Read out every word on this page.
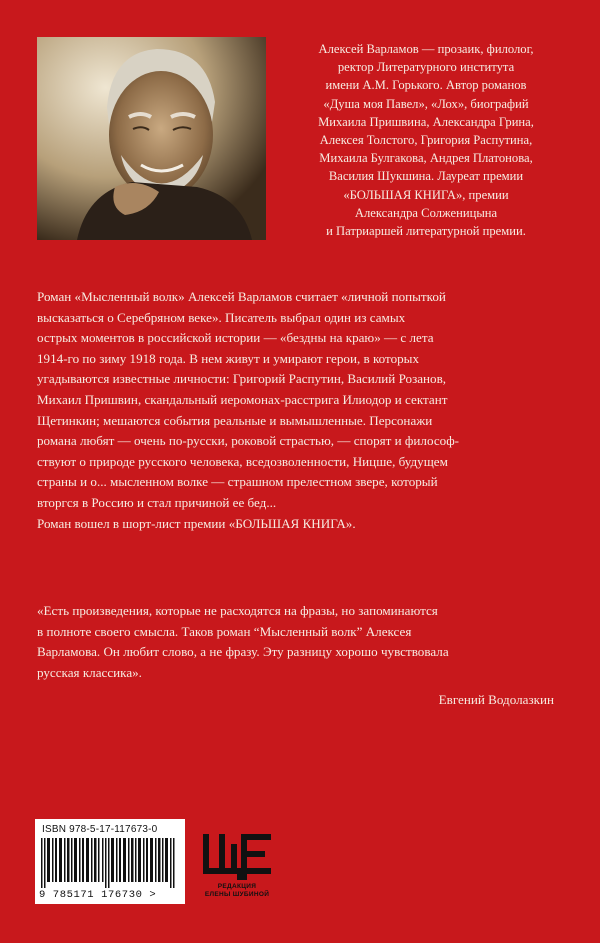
Алексей Варламов — прозаик, филолог,

ректор Литературного института

имени А.М. Горького. Автор романов

«Душа моя Павел», «Лох», биографий

Михаила Пришвина, Александра Грина,

Алексея Толстого, Григория Распутина,

Михаила Булгакова, Андрея Платонова,

Василия Шукшина. Лауреат премии

«БОЛЬШАЯ КНИГА», премии

Александра Солженицына

и Патриаршей литературной премии.

Роман «Мысленный волк» Алексей Варламов считает «личной попыткой

высказаться о Серебряном веке». Писатель выбрал один из самых

острых моментов в российской истории — «бездны на краю» — с лета

1914-го по зиму 1918 года. В нем живут и умирают герои, в которых

угадываются известные личности: Григорий Распутин, Василий Розанов,

Михаил Пришвин, скандальный иеромонах-расстрига Илиодор и сектант

Щетинкин; мешаются события реальные и вымышленные. Персонажи

романа любят — очень по-русски, роковой страстью, — спорят и философ-

ствуют о природе русского человека, вседозволенности, Ницше, будущем

страны и о... мысленном волке — страшном прелестном звере, который

вторгся в Россию и стал причиной ее бед...

Роман вошел в шорт-лист премии «БОЛЬШАЯ КНИГА».

«Есть произведения, которые не расходятся на фразы, но запоминаются

в полноте своего смысла. Таков роман “Мысленный волк” Алексея

Варламова. Он любит слово, а не фразу. Эту разницу хорошо чувствовала

русская классика».

Евгений Водолазкин
ISBN 978-5-17-117673-0
9 785171 176730 >
РЕДАКЦИЯ
ЕЛЕНЫ ШУБИНОЙ
